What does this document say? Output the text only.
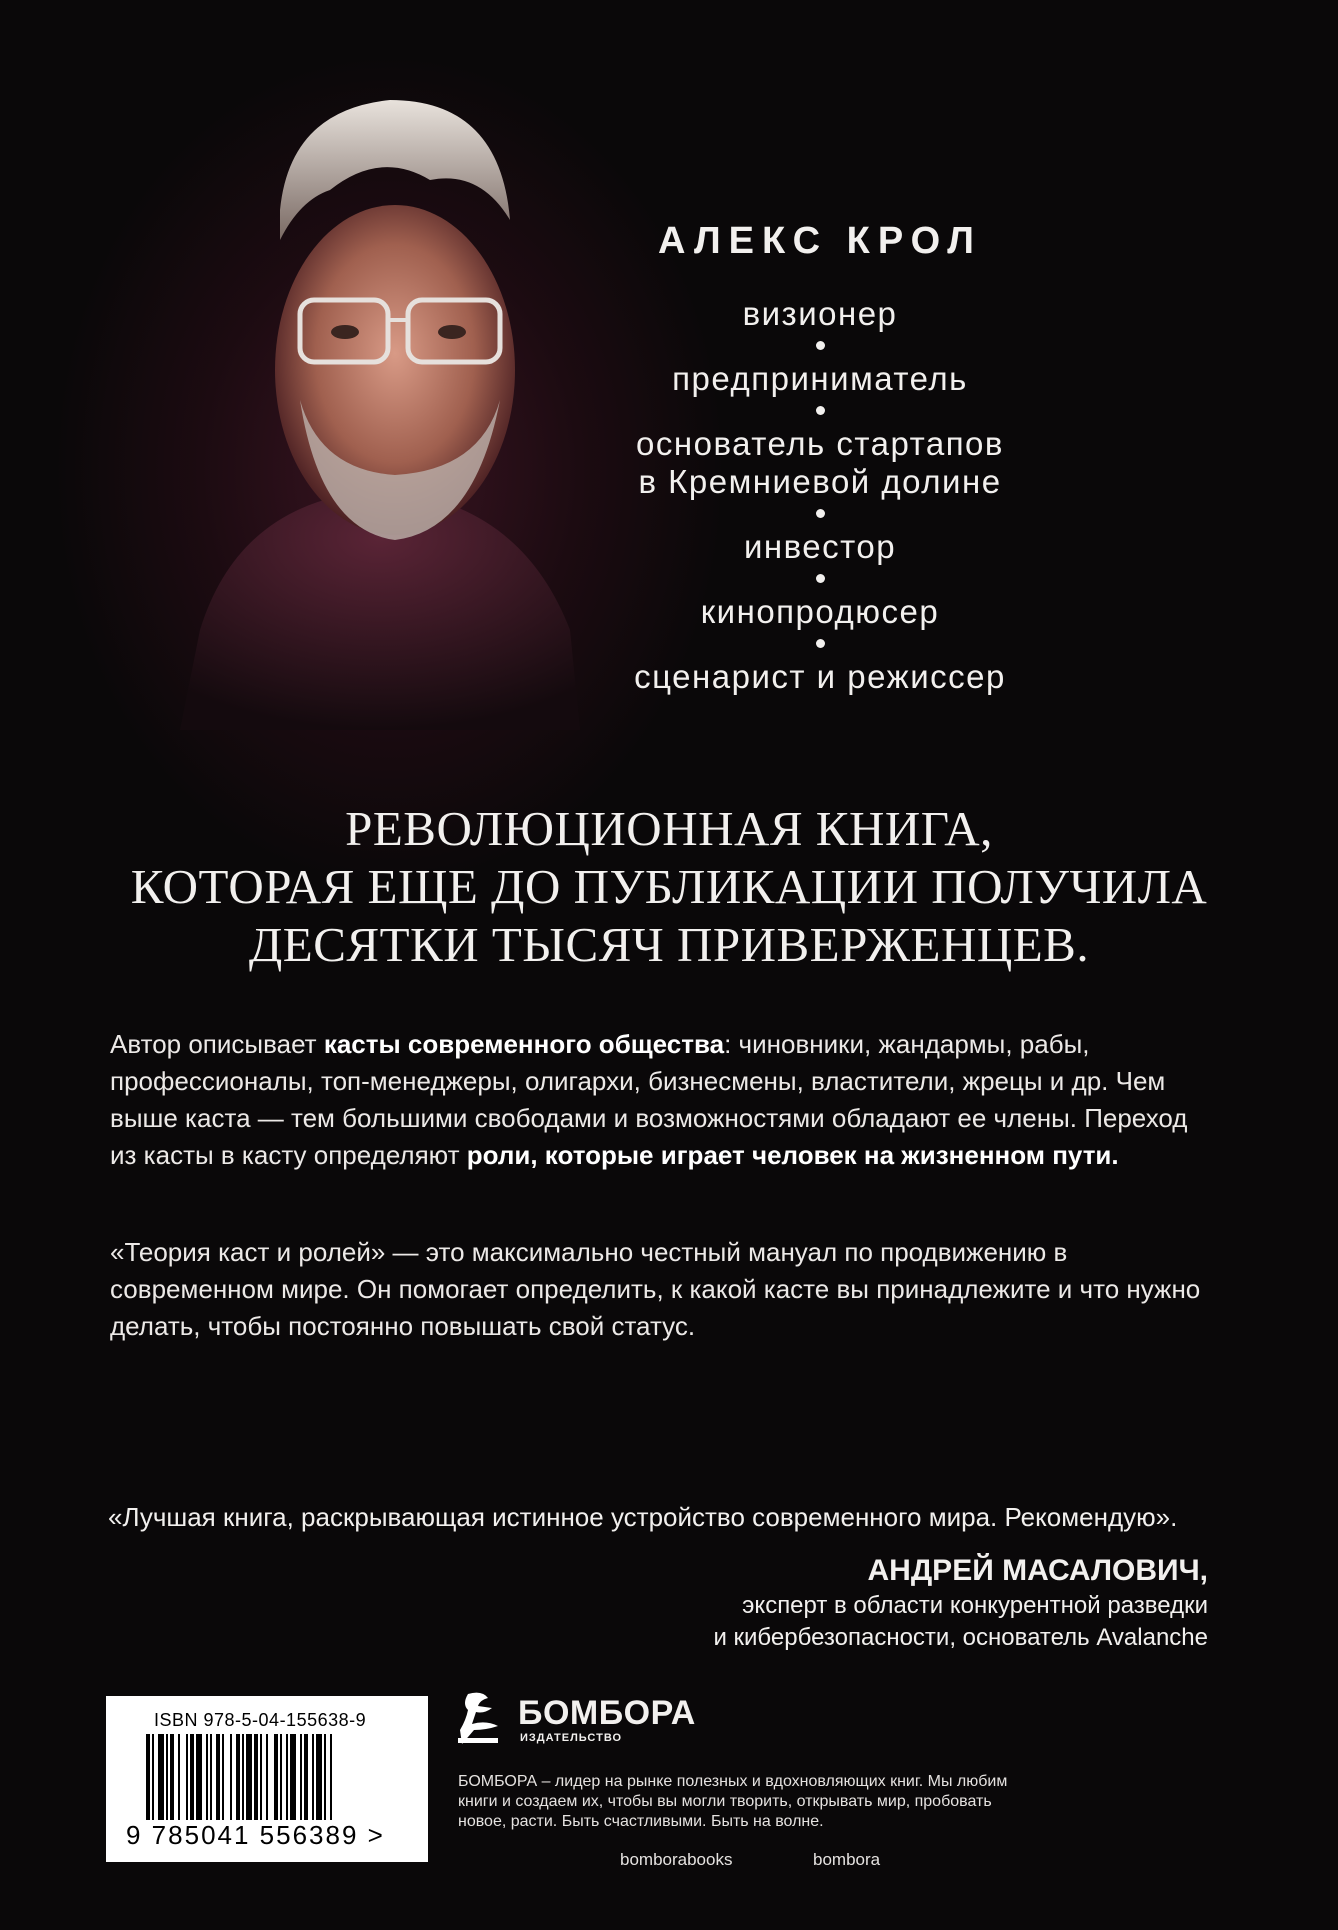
АЛЕКС КРОЛ
визионер
предприниматель
основатель стартапов
в Кремниевой долине
инвестор
кинопродюсер
сценарист и режиссер
РЕВОЛЮЦИОННАЯ КНИГА,
КОТОРАЯ ЕЩЕ ДО ПУБЛИКАЦИИ ПОЛУЧИЛА
ДЕСЯТКИ ТЫСЯЧ ПРИВЕРЖЕНЦЕВ.
Автор описывает касты современного общества: чиновники, жандармы, рабы, профессионалы, топ-менеджеры, олигархи, бизнесмены, властители, жрецы и др. Чем выше каста — тем большими свободами и возможностями обладают ее члены. Переход из касты в касту определяют роли, которые играет человек на жизненном пути.
«Теория каст и ролей» — это максимально честный мануал по продвижению в современном мире. Он помогает определить, к какой касте вы принадлежите и что нужно делать, чтобы постоянно повышать свой статус.
«Лучшая книга, раскрывающая истинное устройство современного мира. Рекомендую».
АНДРЕЙ МАСАЛОВИЧ,
эксперт в области конкурентной разведки
и кибербезопасности, основатель Avalanche
ISBN 978-5-04-155638-9
9 785041 556389 >
БОМБОРА
ИЗДАТЕЛЬСТВО
БОМБОРА – лидер на рынке полезных и вдохновляющих книг. Мы любим книги и создаем их, чтобы вы могли творить, открывать мир, пробовать новое, расти. Быть счастливыми. Быть на волне.
bomborabooks	bombora
